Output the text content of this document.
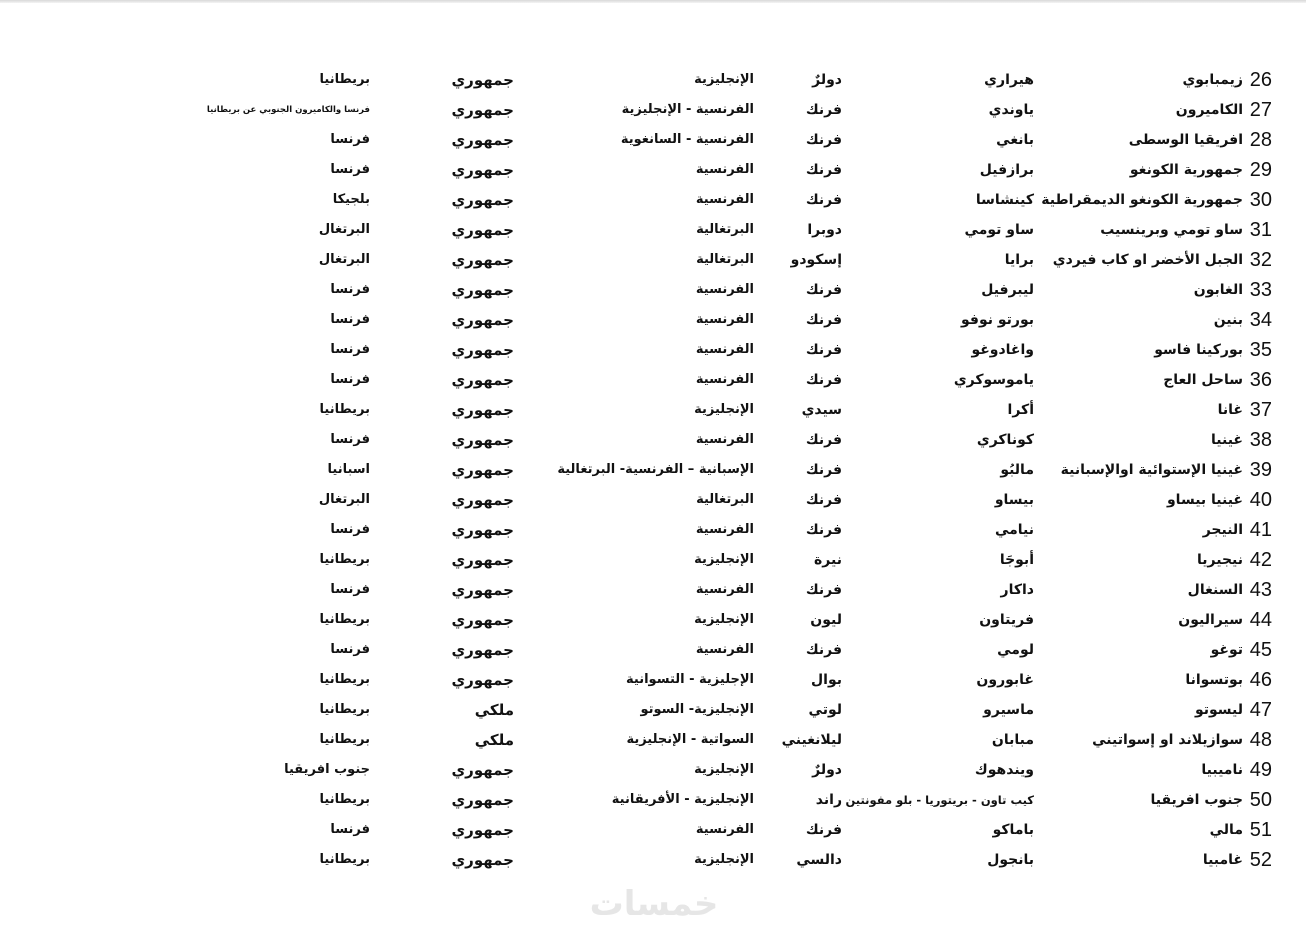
26
زيمبابوي
هيراري
دولرٌ
الإنجليزية
جمهوري
بريطانيا
27
الكاميرون
ياوندي
فرنك
الفرنسية - الإنجليزية
جمهوري
فرنسا والكاميرون الجنوبي عن بريطانيا
28
افريقيا الوسطى
بانغي
فرنك
الفرنسية - السانغوية
جمهوري
فرنسا
29
جمهورية الكونغو
برازفيل
فرنك
الفرنسية
جمهوري
فرنسا
30
جمهورية الكونغو الديمقراطية
كينشاسا
فرنك
الفرنسية
جمهوري
بلجيكا
31
ساو تومي وبرينسيب
ساو تومي
دوبرا
البرتغالية
جمهوري
البرتغال
32
الجبل الأخضر او كاب فيردي
برايا
إسكودو
البرتغالية
جمهوري
البرتغال
33
الغابون
ليبرفيل
فرنك
الفرنسية
جمهوري
فرنسا
34
بنين
بورتو نوفو
فرنك
الفرنسية
جمهوري
فرنسا
35
بوركينا فاسو
واغادوغو
فرنك
الفرنسية
جمهوري
فرنسا
36
ساحل العاج
ياموسوكري
فرنك
الفرنسية
جمهوري
فرنسا
37
غانا
أكرا
سيدي
الإنجليزية
جمهوري
بريطانيا
38
غينيا
كوناكري
فرنك
الفرنسية
جمهوري
فرنسا
39
غينيا الإستوائية اوالإسبانية
مالبُو
فرنك
الإسبانية – الفرنسية- البرتغالية
جمهوري
اسبانيا
40
غينيا بيساو
بيساو
فرنك
البرتغالية
جمهوري
البرتغال
41
النيجر
نيامي
فرنك
الفرنسية
جمهوري
فرنسا
42
نيجيريا
أبوجَا
نيرة
الإنجليزية
جمهوري
بريطانيا
43
السنغال
داكار
فرنك
الفرنسية
جمهوري
فرنسا
44
سيراليون
فريتاون
ليون
الإنجليزية
جمهوري
بريطانيا
45
توغو
لومي
فرنك
الفرنسية
جمهوري
فرنسا
46
بوتسوانا
غابورون
بوال
الإجليزية - التسوانية
جمهوري
بريطانيا
47
ليسوتو
ماسيرو
لوتي
الإنجليزية- السوتو
ملكي
بريطانيا
48
سوازيلاند او إسواتيني
مبابان
ليلانغيني
السواتية - الإنجليزية
ملكي
بريطانيا
49
ناميبيا
ويندهوك
دولرٌ
الإنجليزية
جمهوري
جنوب افريقيا
50
جنوب افريقيا
كيب تاون - بريتوريا - بلو مفونتين
راند
الإنجليزية - الأفريقانية
جمهوري
بريطانيا
51
مالي
باماكو
فرنك
الفرنسية
جمهوري
فرنسا
52
غامبيا
بانجول
دالسي
الإنجليزية
جمهوري
بريطانيا
خمسات
